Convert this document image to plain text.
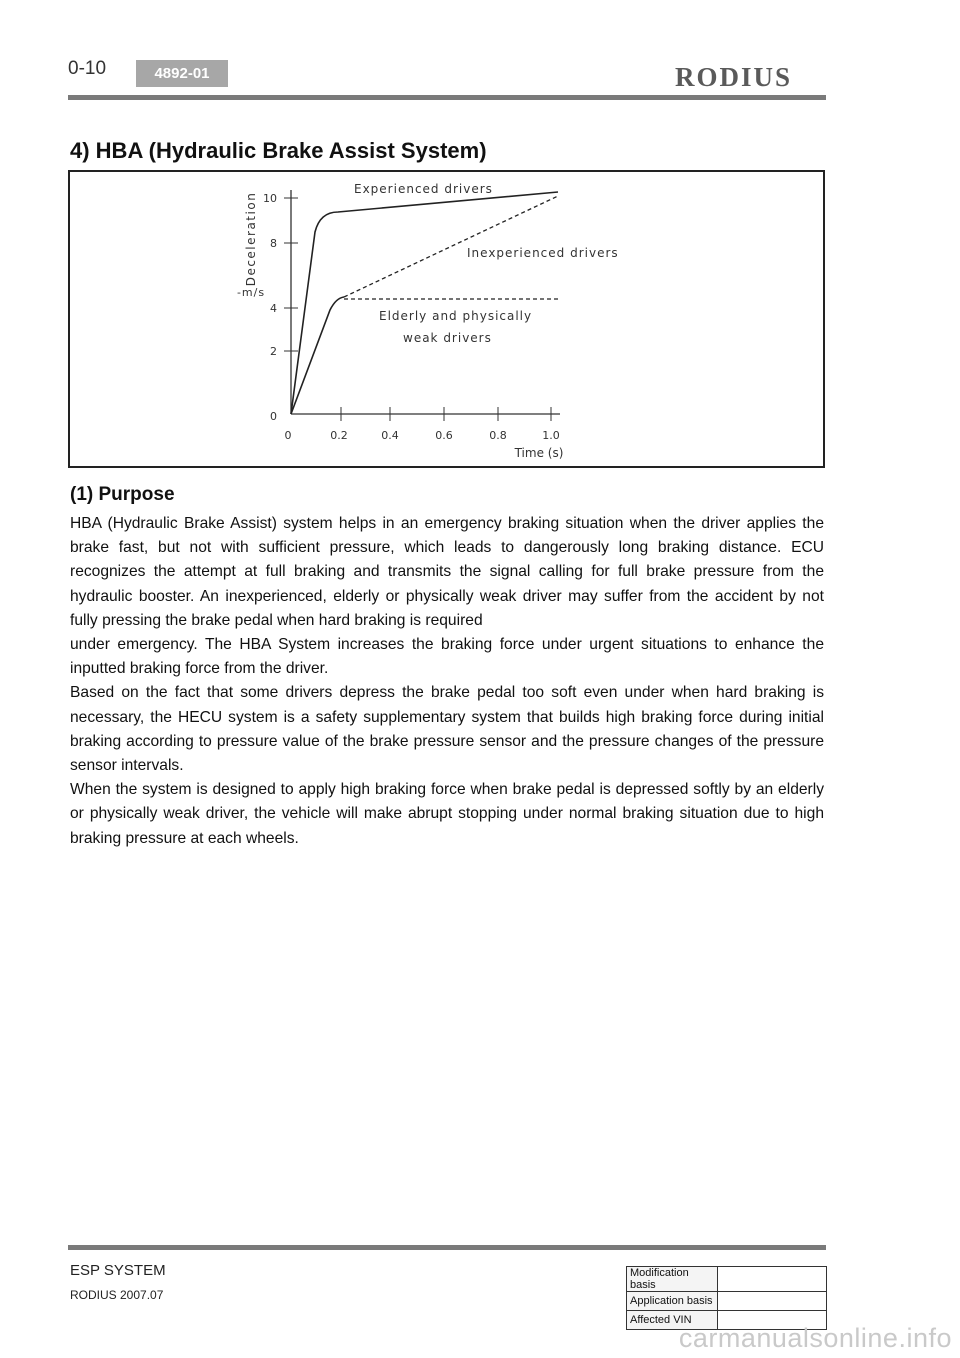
0-10	4892-01	RODIUS
4) HBA (Hydraulic Brake Assist System)
10
8
4
2
0
0	0.2	0.4	0.6	0.8	1.0
Deceleration
-m/s
Time (s)
Experienced drivers
Inexperienced drivers
Elderly and physically
weak drivers
(1) Purpose

HBA (Hydraulic Brake Assist) system helps in an emergency braking situation when the driver applies the brake fast, but not with sufficient pressure, which leads to dangerously long braking distance. ECU recognizes the attempt at full braking and transmits the signal calling for full brake pressure from the hydraulic booster. An inexperienced, elderly or physically weak driver may suffer from the accident by not fully pressing the brake pedal when hard braking is required

under emergency. The HBA System increases the braking force under urgent situations to enhance the inputted braking force from the driver.

Based on the fact that some drivers depress the brake pedal too soft even under when hard braking is necessary, the HECU system is a safety supplementary system that builds high braking force during initial braking according to pressure value of the brake pressure sensor and the pressure changes of the pressure sensor intervals.

When the system is designed to apply high braking force when brake pedal is depressed softly by an elderly or physically weak driver, the vehicle will make abrupt stopping under normal braking situation due to high braking pressure at each wheels.

ESP SYSTEM
RODIUS 2007.07
Modification basis	
Application basis	
Affected VIN	
carmanualsonline.info
